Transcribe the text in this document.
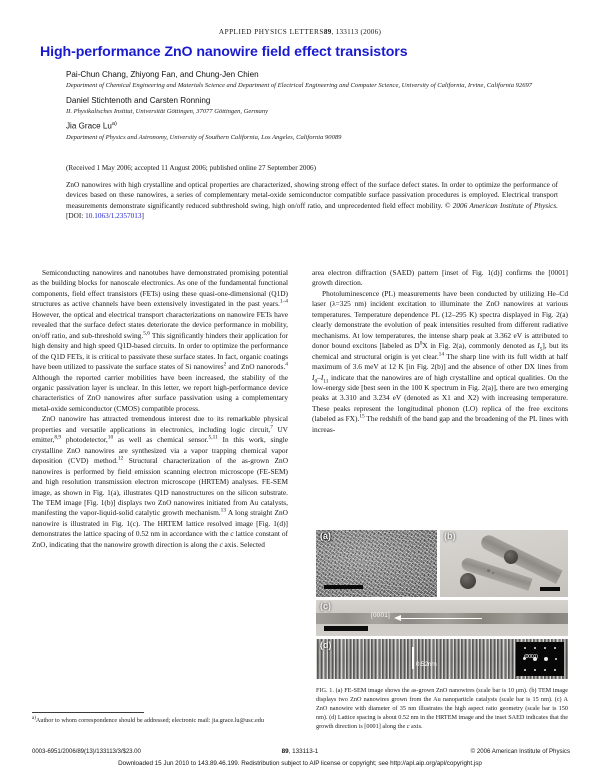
APPLIED PHYSICS LETTERS89, 133113 (2006)
High-performance ZnO nanowire field effect transistors
Pai-Chun Chang, Zhiyong Fan, and Chung-Jen Chien
Department of Chemical Engineering and Materials Science and Department of Electrical Engineering and Computer Science, University of California, Irvine, California 92697
Daniel Stichtenoth and Carsten Ronning
II. Physikalisches Institut, Universität Göttingen, 37077 Göttingen, Germany
Jia Grace Lu$^{a)}$
Department of Physics and Astronomy, University of Southern California, Los Angeles, California 90089
(Received 1 May 2006; accepted 11 August 2006; published online 27 September 2006)
ZnO nanowires with high crystalline and optical properties are characterized, showing strong effect of the surface defect states. In order to optimize the performance of devices based on these nanowires, a series of complementary metal-oxide semiconductor compatible surface passivation procedures is employed. Electrical transport measurements demonstrate significantly reduced subthreshold swing, high on/off ratio, and unprecedented field effect mobility. © 2006 American Institute of Physics. [DOI: 10.1063/1.2357013]

Semiconducting nanowires and nanotubes have demonstrated promising potential as the building blocks for nanoscale electronics. As one of the fundamental functional components, field effect transistors (FETs) using these quasi-one-dimensional (Q1D) structures as active channels have been extensively investigated in the past years.$^{1-4}$ However, the optical and electrical transport characterizations on nanowire FETs have revealed that the surface defect states deteriorate the device performance in mobility, on/off ratio, and sub-threshold swing.$^{5,6}$ This significantly hinders their application for high density and high speed Q1D-based circuits. In order to optimize the performance of the Q1D FETs, it is critical to passivate these surface states. In fact, organic coatings have been utilized to passivate the surface states of Si nanowires$^2$ and ZnO nanorods.$^4$ Although the reported carrier mobilities have been increased, the stability of the organic passivation layer is unclear. In this letter, we report high-performance device characteristics of ZnO nanowires after surface passivation using a complementary metal-oxide semiconductor (CMOS) compatible process.

ZnO nanowire has attracted tremendous interest due to its remarkable physical properties and versatile applications in electronics, including logic circuit,$^7$ UV emitter,$^{8,9}$ photodetector,$^{10}$ as well as chemical sensor.$^{5,11}$ In this work, single crystalline ZnO nanowires are synthesized via a vapor trapping chemical vapor deposition (CVD) method.$^{12}$ Structural characterization of the as-grown ZnO nanowires is performed by field emission scanning electron microscope (FE-SEM) and high resolution transmission electron microscope (HRTEM) analyses. FE-SEM image, as shown in Fig. 1(a), illustrates Q1D nanostructures on the silicon substrate. The TEM image [Fig. 1(b)] displays two ZnO nanowires initiated from Au catalysts, manifesting the vapor-liquid-solid catalytic growth mechanism.$^{13}$ A long straight ZnO nanowire is illustrated in Fig. 1(c). The HRTEM lattice resolved image [Fig. 1(d)] demonstrates the lattice spacing of 0.52 nm in accordance with the c lattice constant of ZnO, indicating that the nanowire growth direction is along the c axis. Selected

$^{a)}$Author to whom correspondence should be addressed; electronic mail: jia.grace.lu@usc.edu

area electron diffraction (SAED) pattern [inset of Fig. 1(d)] confirms the [0001] growth direction.

Photoluminescence (PL) measurements have been conducted by utilizing He–Cd laser (λ=325 nm) incident excitation to illuminate the ZnO nanowires at various temperatures. Temperature dependence PL (12–295 K) spectra displayed in Fig. 2(a) clearly demonstrate the evolution of peak intensities resulted from different radiative mechanisms. At low temperatures, the intense sharp peak at 3.362 eV is attributed to donor bound excitons [labeled as $D^0X$ in Fig. 2(a), commonly denoted as $I_5$], but its chemical and structural origin is yet clear.$^{14}$ The sharp line with its full width at half maximum of 3.6 meV at 12 K [in Fig. 2(b)] and the absence of other DX lines from $I_0-I_{11}$ indicate that the nanowires are of high crystalline and optical qualities. On the low-energy side [best seen in the 100 K spectrum in Fig. 2(a)], there are two emerging peaks at 3.310 and 3.234 eV (denoted as X1 and X2) with increasing temperature. These peaks represent the longitudinal phonon (LO) replica of the free excitons (labeled as FX).$^{15}$ The redshift of the band gap and the broadening of the PL lines with increas-

(a)	(b)
(c)
[0001]
(d)
0.52nm
(0001)
FIG. 1. (a) FE-SEM image shows the as-grown ZnO nanowires (scale bar is 10 μm). (b) TEM image displays two ZnO nanowires grown from the Au nanoparticle catalysts (scale bar is 15 nm). (c) A ZnO nanowire with diameter of 35 nm illustrates the high aspect ratio geometry (scale bar is 150 nm). (d) Lattice spacing is about 0.52 nm in the HRTEM image and the inset SAED indicates that the growth direction is [0001] along the c axis.
0003-6951/2006/89(13)/133113/3/$23.00	89, 133113-1	© 2006 American Institute of Physics
Downloaded 15 Jun 2010 to 143.89.46.199. Redistribution subject to AIP license or copyright; see http://apl.aip.org/apl/copyright.jsp
